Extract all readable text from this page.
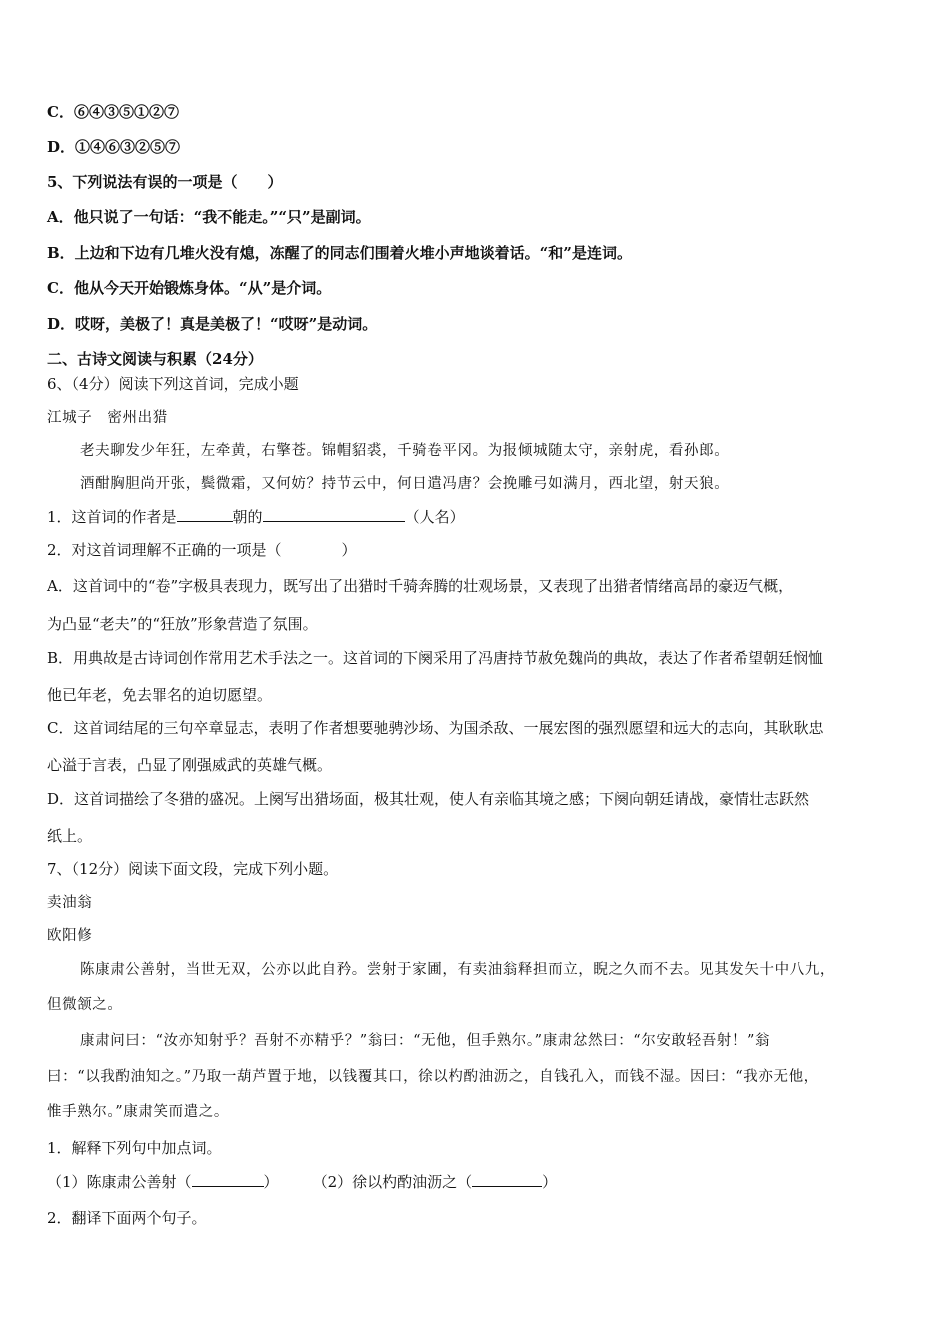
C．⑥④③⑤①②⑦
D．①④⑥③②⑤⑦
5、下列说法有误的一项是（　　）
A．他只说了一句话：“我不能走。”“只”是副词。
B．上边和下边有几堆火没有熄，冻醒了的同志们围着火堆小声地谈着话。“和”是连词。
C．他从今天开始锻炼身体。“从”是介词。
D．哎呀，美极了！真是美极了！“哎呀”是动词。
二、古诗文阅读与积累（24分）
6、（4分）阅读下列这首词，完成小题
江城子　密州出猎
老夫聊发少年狂，左牵黄，右擎苍。锦帽貂裘，千骑卷平冈。为报倾城随太守，亲射虎，看孙郎。
酒酣胸胆尚开张，鬓微霜，又何妨？持节云中，何日遣冯唐？会挽雕弓如满月，西北望，射天狼。
1．这首词的作者是	朝的	（人名）
2．对这首词理解不正确的一项是（　　　　）
A．这首词中的“卷”字极具表现力，既写出了出猎时千骑奔腾的壮观场景，又表现了出猎者情绪高昂的豪迈气概，
为凸显“老夫”的“狂放”形象营造了氛围。
B．用典故是古诗词创作常用艺术手法之一。这首词的下阕采用了冯唐持节赦免魏尚的典故，表达了作者希望朝廷悯恤
他已年老，免去罪名的迫切愿望。
C．这首词结尾的三句卒章显志，表明了作者想要驰骋沙场、为国杀敌、一展宏图的强烈愿望和远大的志向，其耿耿忠
心溢于言表，凸显了刚强威武的英雄气概。
D．这首词描绘了冬猎的盛况。上阕写出猎场面，极其壮观，使人有亲临其境之感；下阕向朝廷请战，豪情壮志跃然
纸上。
7、（12分）阅读下面文段，完成下列小题。
卖油翁
欧阳修
陈康肃公善射，当世无双，公亦以此自矜。尝射于家圃，有卖油翁释担而立，睨之久而不去。见其发矢十中八九，
但微颔之。
康肃问曰：“汝亦知射乎？吾射不亦精乎？”翁曰：“无他，但手熟尔。”康肃忿然曰：“尔安敢轻吾射！”翁
曰：“以我酌油知之。”乃取一葫芦置于地，以钱覆其口，徐以杓酌油沥之，自钱孔入，而钱不湿。因曰：“我亦无他，
惟手熟尔。”康肃笑而遣之。
1．解释下列句中加点词。
（1）陈康肃公善射（	） （2）徐以杓酌油沥之（	）
2．翻译下面两个句子。
